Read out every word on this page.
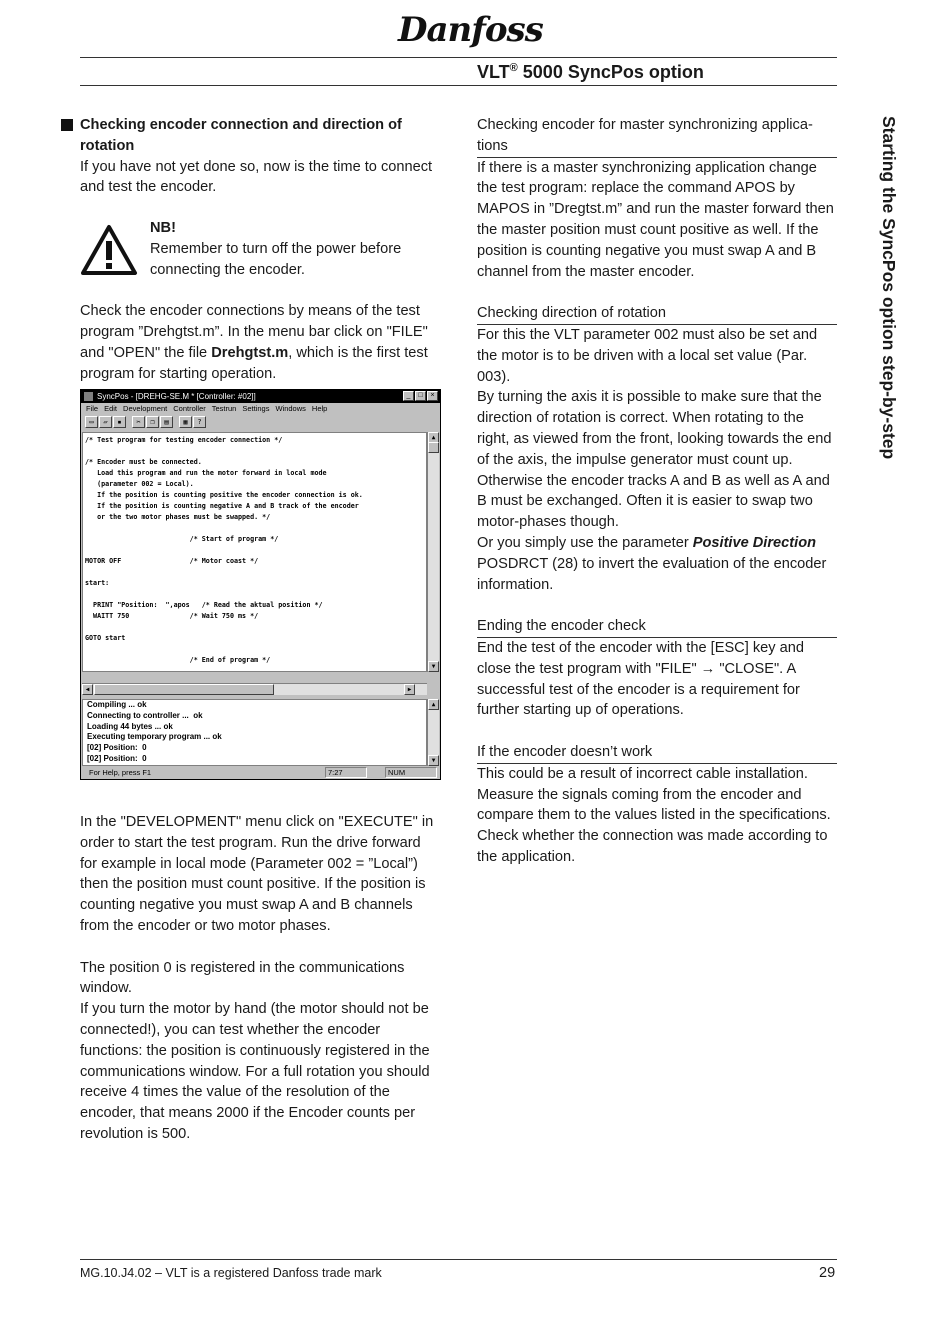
Danfoss
VLT® 5000 SyncPos option

Checking encoder connection and direction of rotation

If you have not yet done so, now is the time to connect and test the encoder.

NB!

Remember to turn off the power before connecting the encoder.

Check the encoder connections by means of the test program ”Drehgtst.m”. In the menu bar click on "FILE" and "OPEN" the file Drehgtst.m, which is the first test program for starting operation.

SyncPos - [DREHG-SE.M * [Controller: #02]]	_	□	×
File Edit Development Controller Testrun Settings Windows Help
▭	▱	▪	✂	❐	▤	▦	?
/* Test program for testing encoder connection */

/* Encoder must be connected.
Load this program and run the motor forward in local mode
(parameter 002 = Local).
If the position is counting positive the encoder connection is ok.
If the position is counting negative A and B track of the encoder
or the two motor phases must be swapped. */

/* Start of program */

MOTOR OFF                 /* Motor coast */

start:

PRINT "Position:  ",apos   /* Read the aktual position */
WAITT 750               /* Wait 750 ms */

GOTO start

/* End of program */
▲
▼
◀	▶
Compiling ... ok
Connecting to controller ...  ok
Loading 44 bytes ... ok
Executing temporary program ... ok
[02] Position:  0
[02] Position:  0
▲
▼
For Help, press F1	7:27	NUM

In the "DEVELOPMENT" menu click on "EXECUTE" in order to start the test program. Run the drive forward for example in local mode (Parameter 002 = ”Local”) then the position must count positive. If the position is counting negative you must swap A and B channels from the encoder or two motor phases.

The position 0 is registered in the communications window.

If you turn the motor by hand (the motor should not be connected!), you can test whether the encoder functions: the position is continuously registered in the communications window. For a full rotation you should receive 4 times the value of the resolution of the encoder, that means 2000 if the Encoder counts per revolution is 500.

Checking encoder for master synchronizing applica-
tions

If there is a master synchronizing application change the test program: replace the command APOS by MAPOS in ”Dregtst.m” and run the master forward then the master position must count positive as well. If the position is counting negative you must swap A and B channel from the master encoder.

Checking direction of rotation

For this the VLT parameter 002 must also be set and the motor is to be driven with a local set value (Par. 003).

By turning the axis it is possible to make sure that the direction of rotation is correct. When rotating to the right, as viewed from the front, looking towards the end of the axis, the impulse generator must count up.

Otherwise the encoder tracks A and B as well as A and B must be exchanged. Often it is easier to swap two motor-phases though.

Or you simply use the parameter Positive Direction POSDRCT (28) to invert the evaluation of the encoder information.

Ending the encoder check

End the test of the encoder with the [ESC] key and close the test program with "FILE" → "CLOSE". A successful test of the encoder is a requirement for further starting up of operations.

If the encoder doesn’t work

This could be a result of incorrect cable installation. Measure the signals coming from the encoder and compare them to the values listed in the specifications. Check whether the connection was made according to the application.

Starting the SyncPos option step-by-step
MG.10.J4.02 – VLT is a registered Danfoss trade mark	29
